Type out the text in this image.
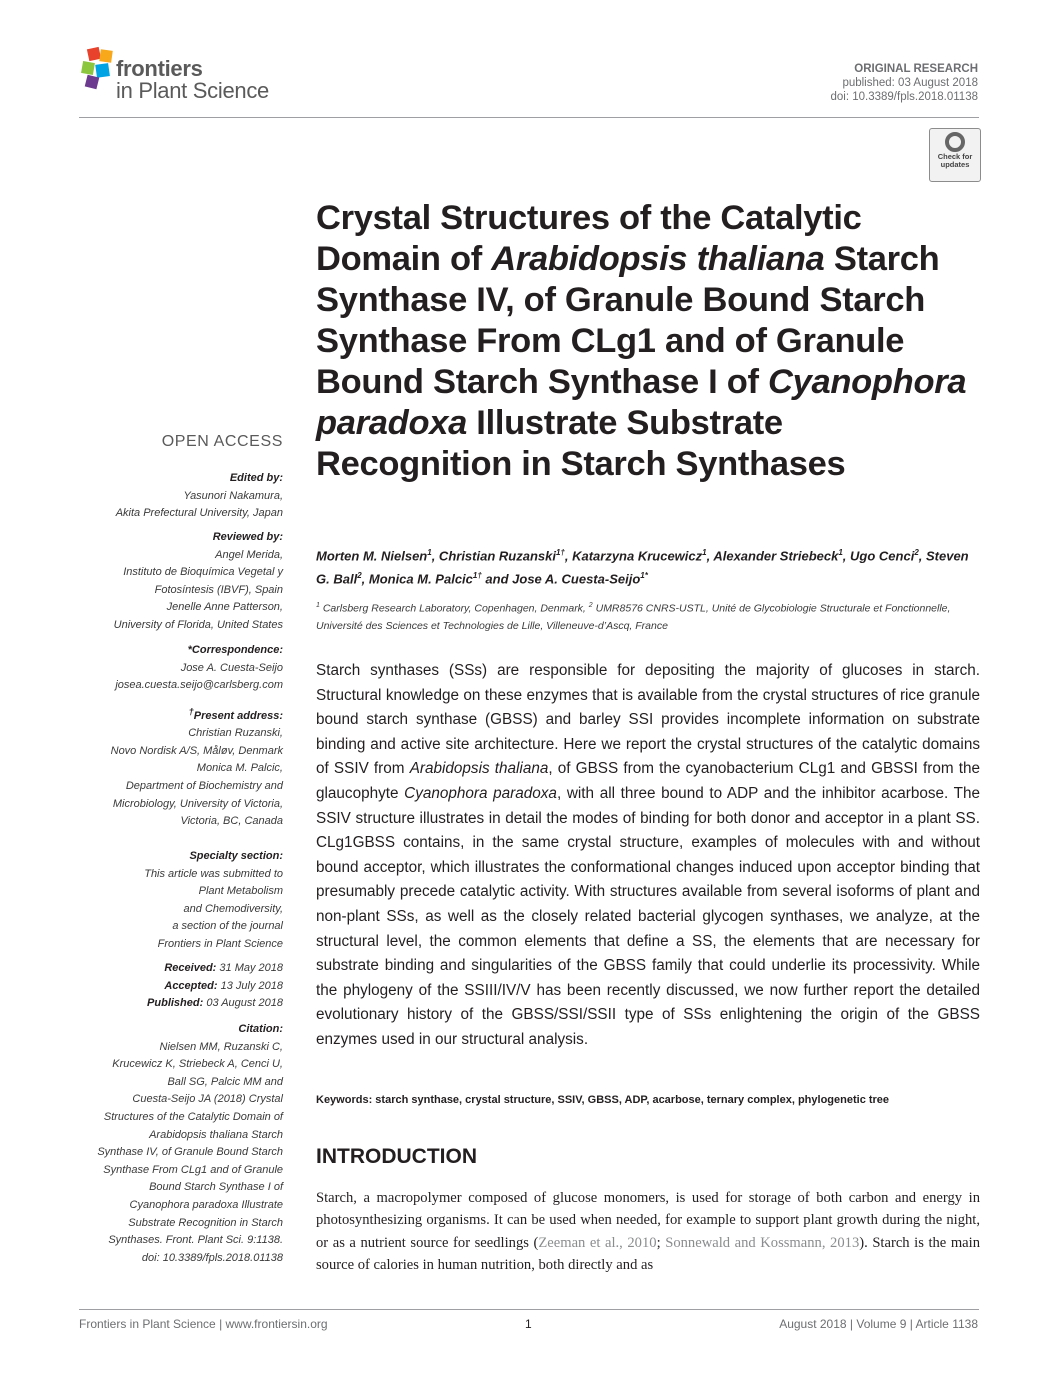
frontiers
in Plant Science
ORIGINAL RESEARCH
published: 03 August 2018
doi: 10.3389/fpls.2018.01138
Check for
updates
Crystal Structures of the Catalytic Domain of Arabidopsis thaliana Starch Synthase IV, of Granule Bound Starch Synthase From CLg1 and of Granule Bound Starch Synthase I of Cyanophora paradoxa Illustrate Substrate Recognition in Starch Synthases
Morten M. Nielsen$^1$, Christian Ruzanski$^{1\dagger}$, Katarzyna Krucewicz$^1$, Alexander Striebeck$^1$, Ugo Cenci$^2$, Steven G. Ball$^2$, Monica M. Palcic$^{1\dagger}$ and Jose A. Cuesta-Seijo$^{1*}$
$^1$ Carlsberg Research Laboratory, Copenhagen, Denmark, $^2$ UMR8576 CNRS-USTL, Unité de Glycobiologie Structurale et Fonctionnelle, Université des Sciences et Technologies de Lille, Villeneuve-d’Ascq, France
Starch synthases (SSs) are responsible for depositing the majority of glucoses in starch. Structural knowledge on these enzymes that is available from the crystal structures of rice granule bound starch synthase (GBSS) and barley SSI provides incomplete information on substrate binding and active site architecture. Here we report the crystal structures of the catalytic domains of SSIV from Arabidopsis thaliana, of GBSS from the cyanobacterium CLg1 and GBSSI from the glaucophyte Cyanophora paradoxa, with all three bound to ADP and the inhibitor acarbose. The SSIV structure illustrates in detail the modes of binding for both donor and acceptor in a plant SS. CLg1GBSS contains, in the same crystal structure, examples of molecules with and without bound acceptor, which illustrates the conformational changes induced upon acceptor binding that presumably precede catalytic activity. With structures available from several isoforms of plant and non-plant SSs, as well as the closely related bacterial glycogen synthases, we analyze, at the structural level, the common elements that define a SS, the elements that are necessary for substrate binding and singularities of the GBSS family that could underlie its processivity. While the phylogeny of the SSIII/IV/V has been recently discussed, we now further report the detailed evolutionary history of the GBSS/SSI/SSII type of SSs enlightening the origin of the GBSS enzymes used in our structural analysis.
Keywords: starch synthase, crystal structure, SSIV, GBSS, ADP, acarbose, ternary complex, phylogenetic tree
INTRODUCTION
Starch, a macropolymer composed of glucose monomers, is used for storage of both carbon and energy in photosynthesizing organisms. It can be used when needed, for example to support plant growth during the night, or as a nutrient source for seedlings (Zeeman et al., 2010; Sonnewald and Kossmann, 2013). Starch is the main source of calories in human nutrition, both directly and as
OPEN ACCESS
Edited by:
Yasunori Nakamura,
Akita Prefectural University, Japan
Reviewed by:
Angel Merida,
Instituto de Bioquímica Vegetal y
Fotosíntesis (IBVF), Spain
Jenelle Anne Patterson,
University of Florida, United States
*Correspondence:
Jose A. Cuesta-Seijo
josea.cuesta.seijo@carlsberg.com
†Present address:
Christian Ruzanski,
Novo Nordisk A/S, Måløv, Denmark
Monica M. Palcic,
Department of Biochemistry and
Microbiology, University of Victoria,
Victoria, BC, Canada
Specialty section:
This article was submitted to
Plant Metabolism
and Chemodiversity,
a section of the journal
Frontiers in Plant Science
Received: 31 May 2018
Accepted: 13 July 2018
Published: 03 August 2018
Citation:
Nielsen MM, Ruzanski C,
Krucewicz K, Striebeck A, Cenci U,
Ball SG, Palcic MM and
Cuesta-Seijo JA (2018) Crystal
Structures of the Catalytic Domain of
Arabidopsis thaliana Starch
Synthase IV, of Granule Bound Starch
Synthase From CLg1 and of Granule
Bound Starch Synthase I of
Cyanophora paradoxa Illustrate
Substrate Recognition in Starch
Synthases. Front. Plant Sci. 9:1138.
doi: 10.3389/fpls.2018.01138
Frontiers in Plant Science | www.frontiersin.org	1	August 2018 | Volume 9 | Article 1138
